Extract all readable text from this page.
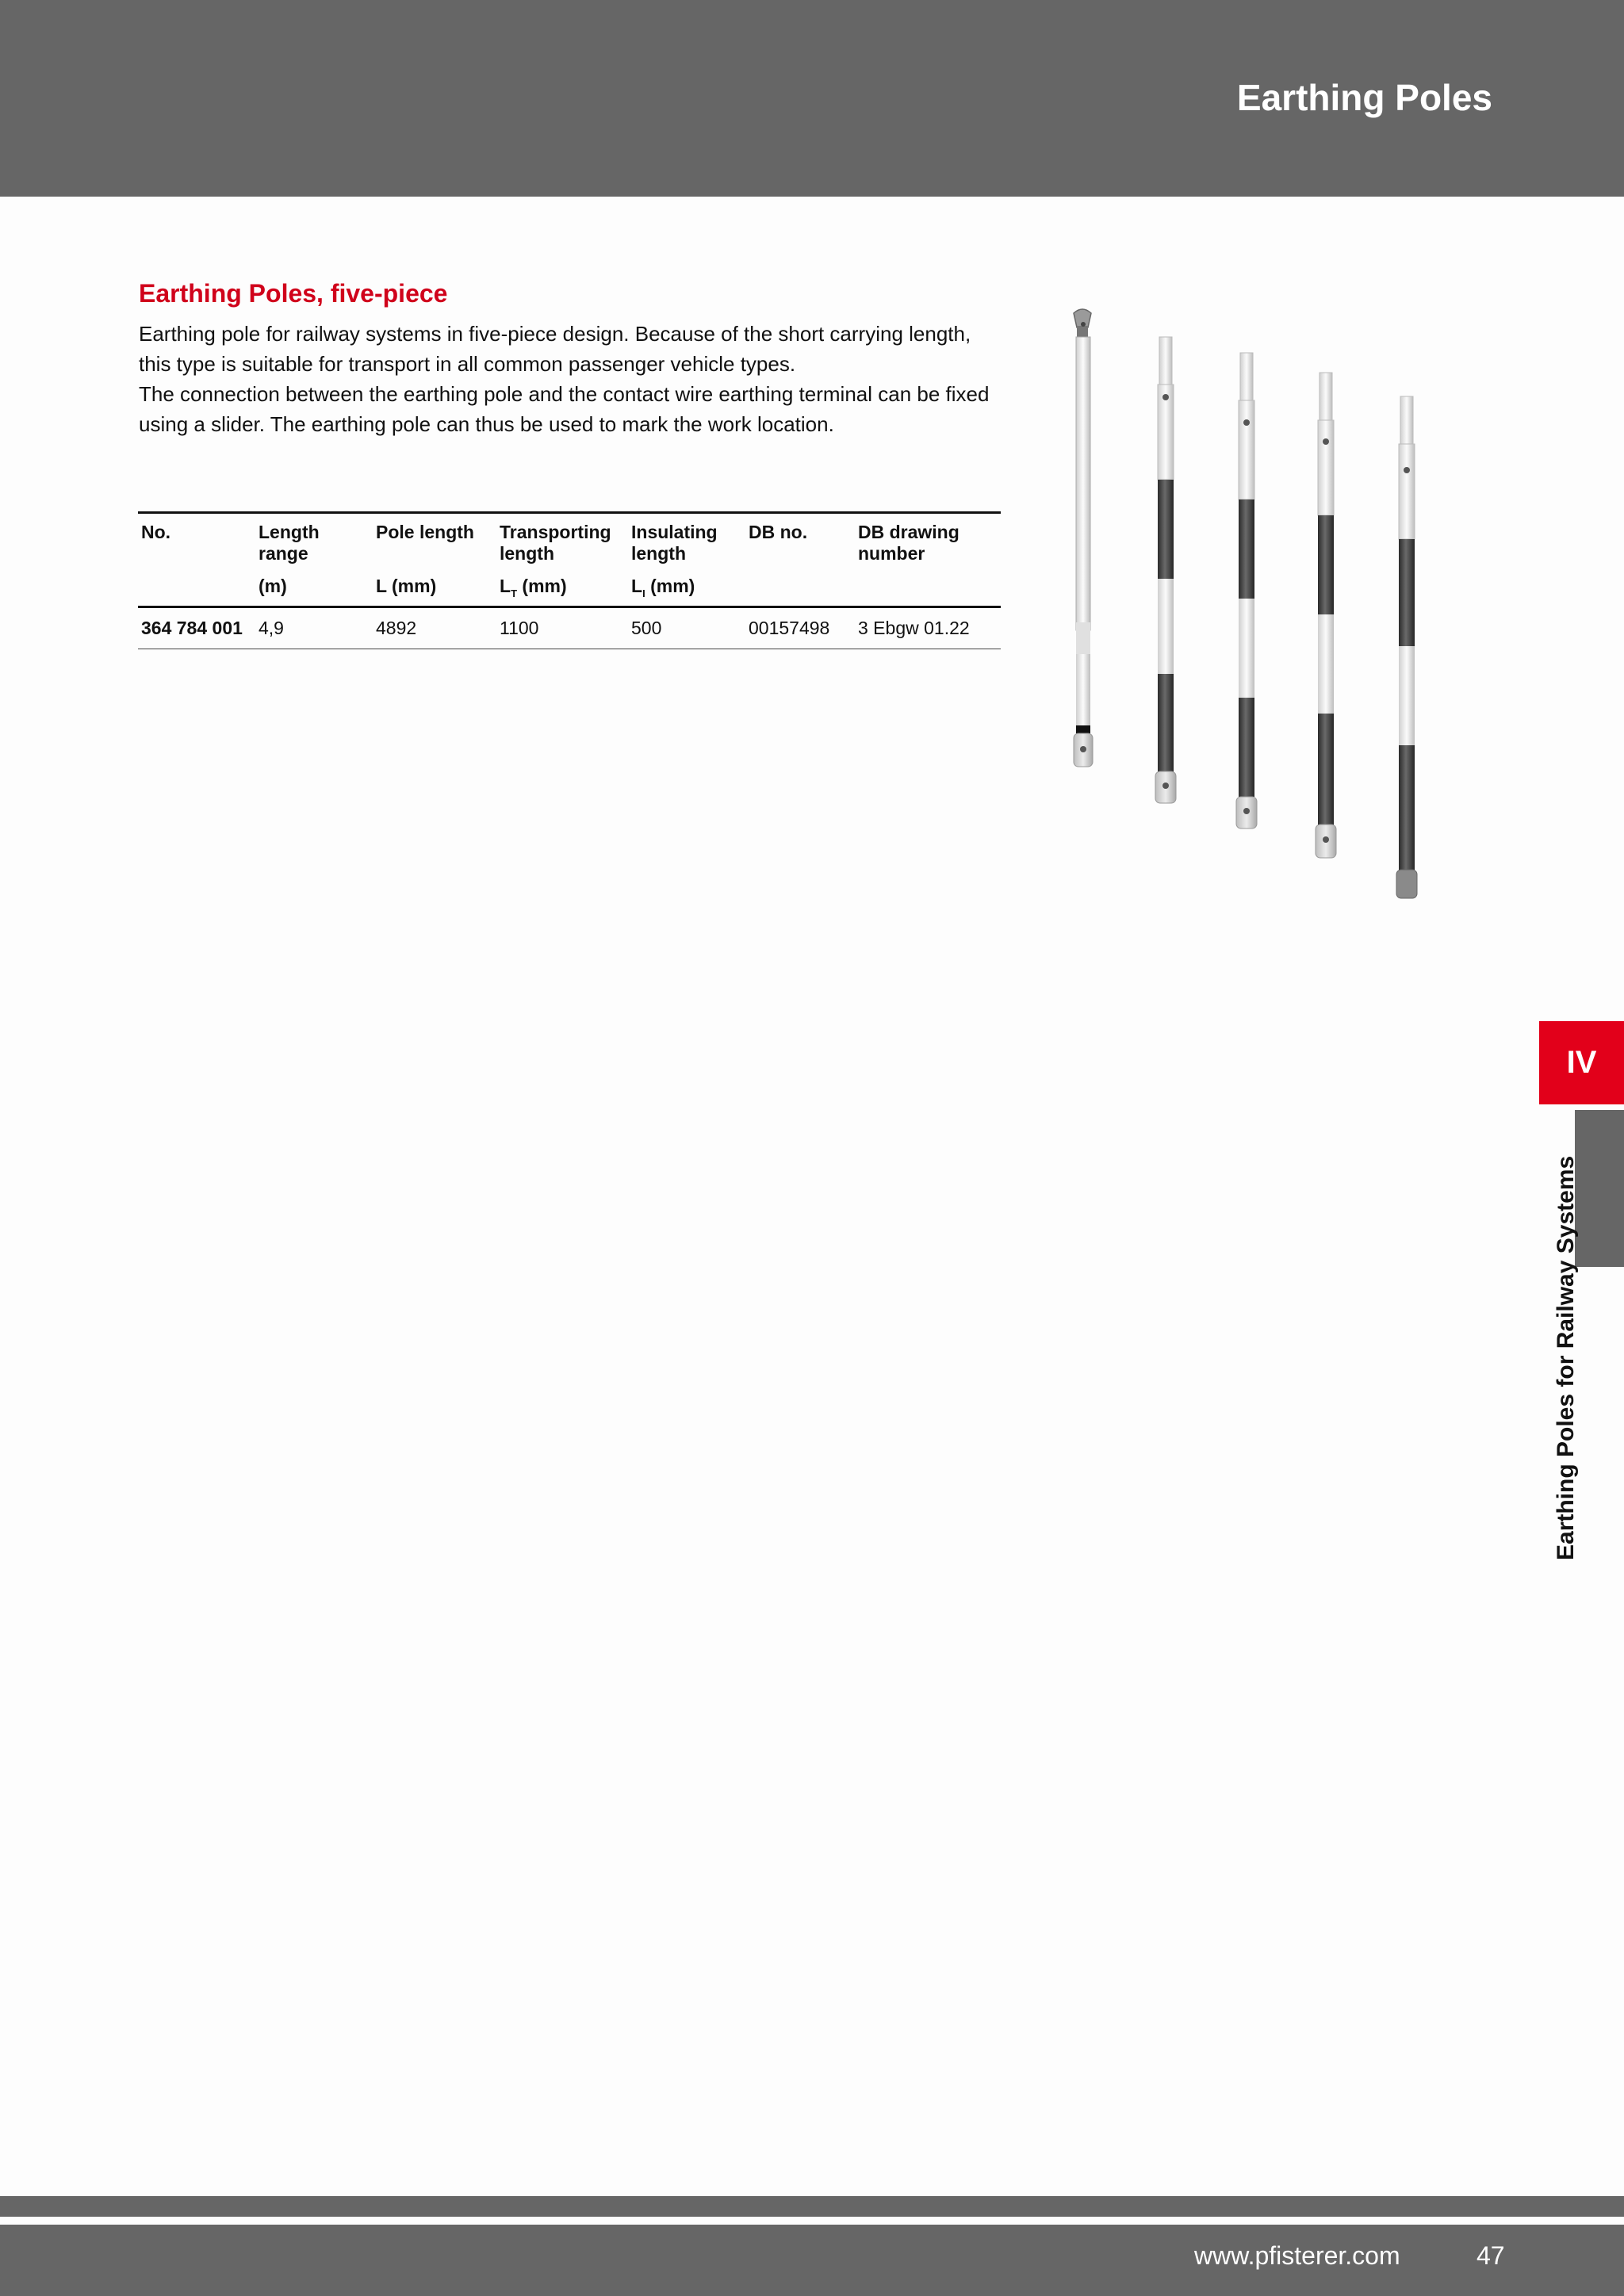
Earthing Poles
Earthing Poles, five-piece

Earthing pole for railway systems in five-piece design. Because of the short carrying length, this type is suitable for transport in all common passenger vehicle types.

The connection between the earthing pole and the contact wire earthing terminal can be fixed using a slider. The earthing pole can thus be used to mark the work location.

No.	Length range	Pole length	Transporting length	Insulating length	DB no.	DB drawing number
	(m)	L (mm)	$L_T$ (mm)	$L_I$ (mm)		
364 784 001	4,9	4892	1100	500	00157498	3 Ebgw 01.22
IV
Earthing Poles for Railway Systems
www.pfisterer.com	47
